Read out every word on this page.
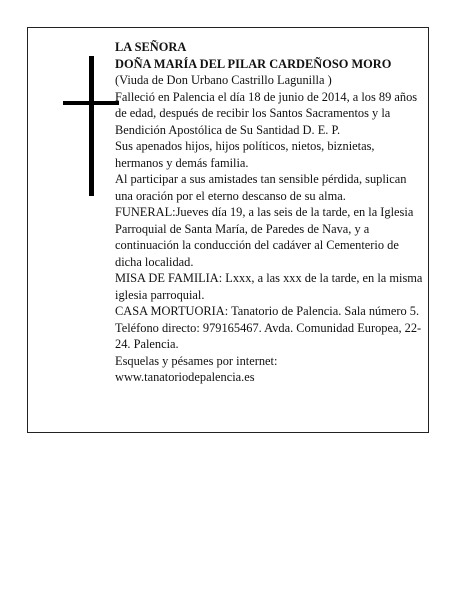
LA SEÑORA

DOÑA MARÍA DEL PILAR CARDEÑOSO MORO

(Viuda de Don Urbano Castrillo Lagunilla )

Falleció en Palencia el día 18 de junio de 2014, a los 89 años de edad, después de recibir los Santos Sacramentos y la Bendición Apostólica de Su Santidad D. E. P.

Sus apenados hijos, hijos políticos, nietos, biznietas, hermanos y demás familia.

Al participar a sus amistades tan sensible pérdida, suplican una oración por el eterno descanso de su alma.

FUNERAL:Jueves día 19, a las seis de la tarde, en la Iglesia Parroquial de Santa María, de Paredes de Nava, y a continuación la conducción del cadáver al Cementerio de dicha localidad.

MISA DE FAMILIA: Lxxx, a las xxx de la tarde, en la misma iglesia parroquial.

CASA MORTUORIA: Tanatorio de Palencia. Sala número 5. Teléfono directo: 979165467. Avda. Comunidad Europea, 22-24. Palencia.

Esquelas y pésames por internet:

www.tanatoriodepalencia.es
